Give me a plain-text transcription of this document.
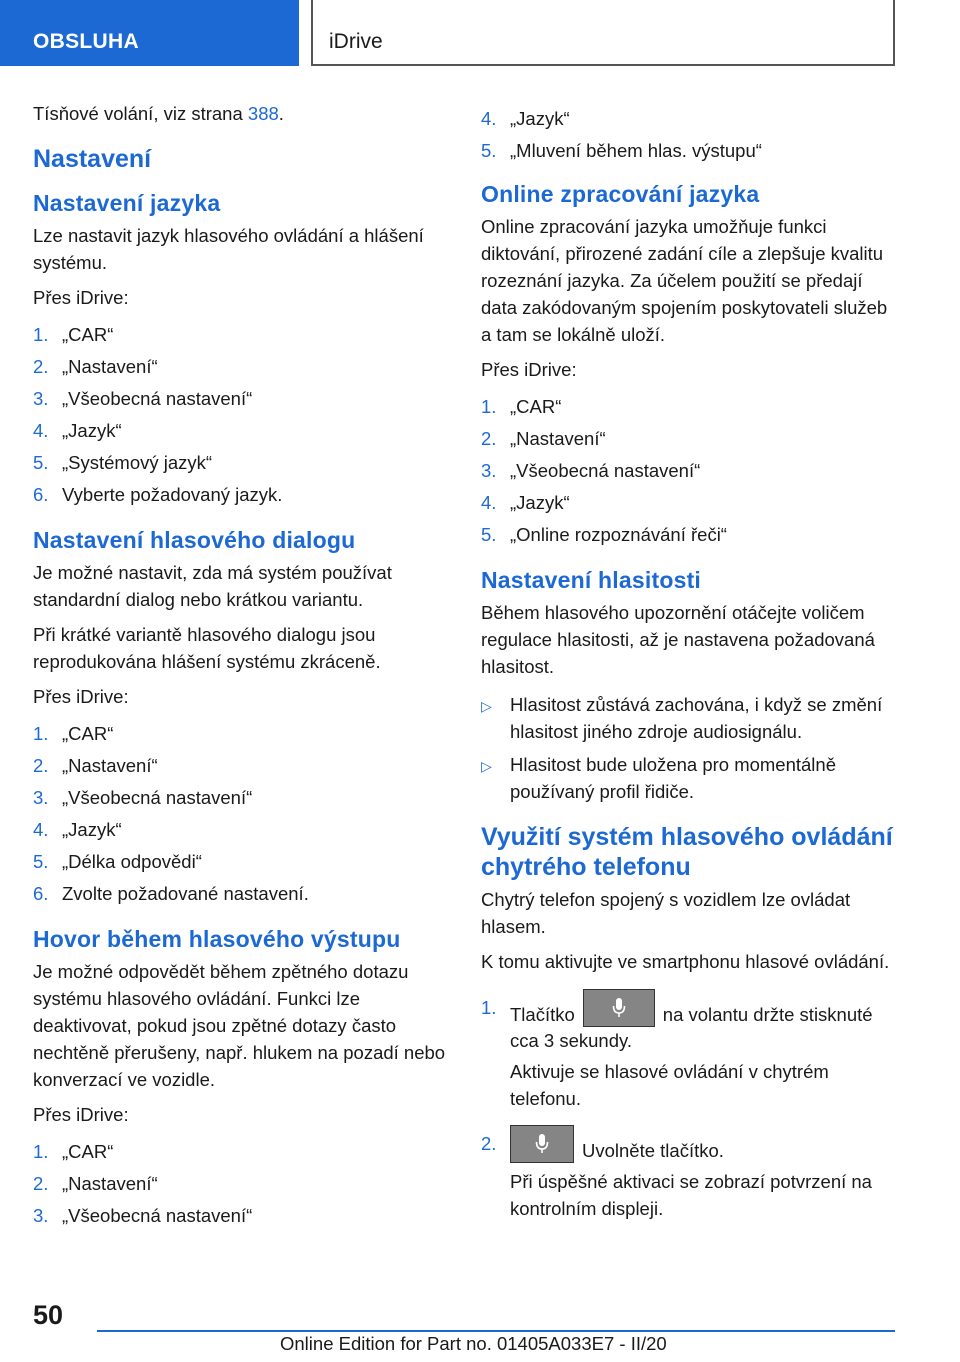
OBSLUHA	iDrive

Tísňové volání, viz strana 388.

Nastavení
Nastavení jazyka

Lze nastavit jazyk hlasového ovládání a hlášení systému.

Přes iDrive:

1. „CAR“
2. „Nastavení“
3. „Všeobecná nastavení“
4. „Jazyk“
5. „Systémový jazyk“
6. Vyberte požadovaný jazyk.
Nastavení hlasového dialogu

Je možné nastavit, zda má systém používat standardní dialog nebo krátkou variantu.

Při krátké variantě hlasového dialogu jsou reprodukována hlášení systému zkráceně.

Přes iDrive:

1. „CAR“
2. „Nastavení“
3. „Všeobecná nastavení“
4. „Jazyk“
5. „Délka odpovědi“
6. Zvolte požadované nastavení.
Hovor během hlasového výstupu

Je možné odpovědět během zpětného dotazu systému hlasového ovládání. Funkci lze deaktivovat, pokud jsou zpětné dotazy často nechtěně přerušeny, např. hlukem na pozadí nebo konverzací ve vozidle.

Přes iDrive:

1. „CAR“
2. „Nastavení“
3. „Všeobecná nastavení“
4. „Jazyk“
5. „Mluvení během hlas. výstupu“
Online zpracování jazyka

Online zpracování jazyka umožňuje funkci diktování, přirozené zadání cíle a zlepšuje kvalitu rozeznání jazyka. Za účelem použití se předají data zakódovaným spojením poskytovateli služeb a tam se lokálně uloží.

Přes iDrive:

1. „CAR“
2. „Nastavení“
3. „Všeobecná nastavení“
4. „Jazyk“
5. „Online rozpoznávání řeči“
Nastavení hlasitosti

Během hlasového upozornění otáčejte voličem regulace hlasitosti, až je nastavena požadovaná hlasitost.

▷ Hlasitost zůstává zachována, i když se změní hlasitost jiného zdroje audiosignálu.
▷ Hlasitost bude uložena pro momentálně používaný profil řidiče.
Využití systém hlasového ovládání chytrého telefonu

Chytrý telefon spojený s vozidlem lze ovládat hlasem.

K tomu aktivujte ve smartphonu hlasové ovládání.

1. Tlačítko	na volantu držte stisknuté cca 3 sekundy.
Aktivuje se hlasové ovládání v chytrém telefonu.
2.	Uvolněte tlačítko.
Při úspěšné aktivaci se zobrazí potvrzení na kontrolním displeji.
50
Online Edition for Part no. 01405A033E7 - II/20
